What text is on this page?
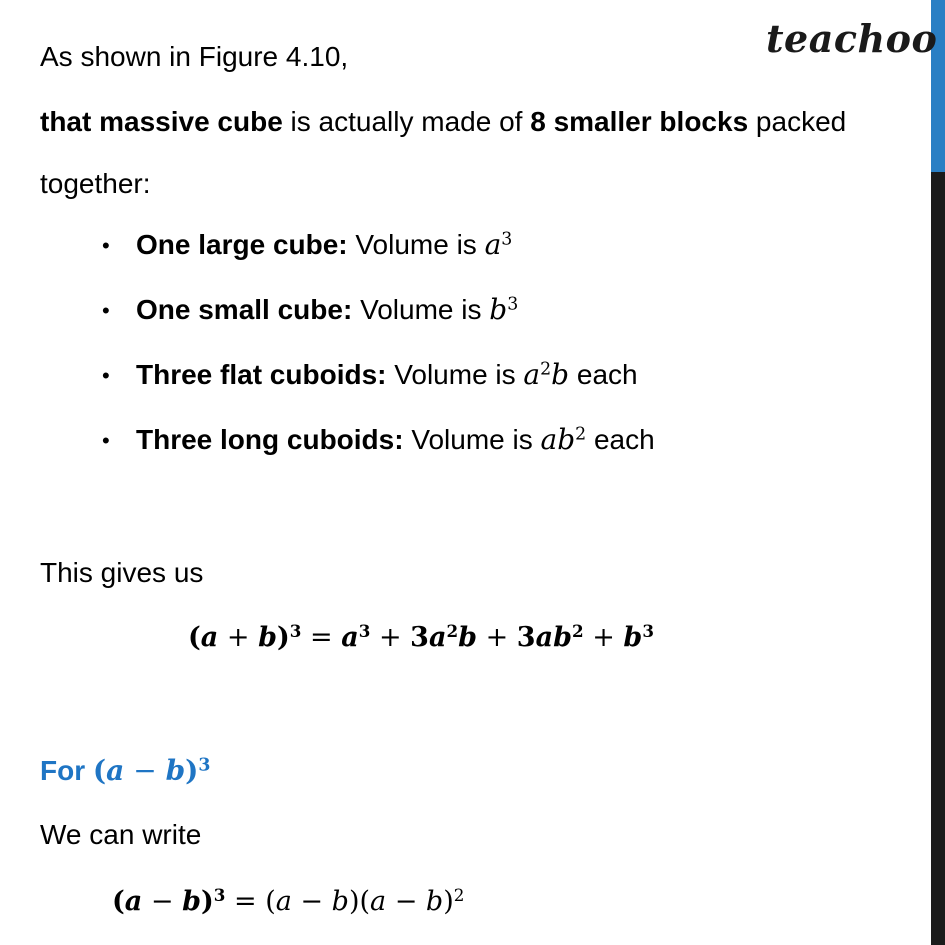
teachoo
As shown in Figure 4.10,
that massive cube is actually made of 8 smaller blocks packed
together:
• One large cube: Volume is $a^3$
• One small cube: Volume is $b^3$
• Three flat cuboids: Volume is $a^2b$ each
• Three long cuboids: Volume is $ab^2$ each
This gives us
$(a + b)^3 = a^3 + 3a^2b + 3ab^2 + b^3$
For $(a - b)^3$
We can write
$(a - b)^3 = (a - b)(a - b)^2$
